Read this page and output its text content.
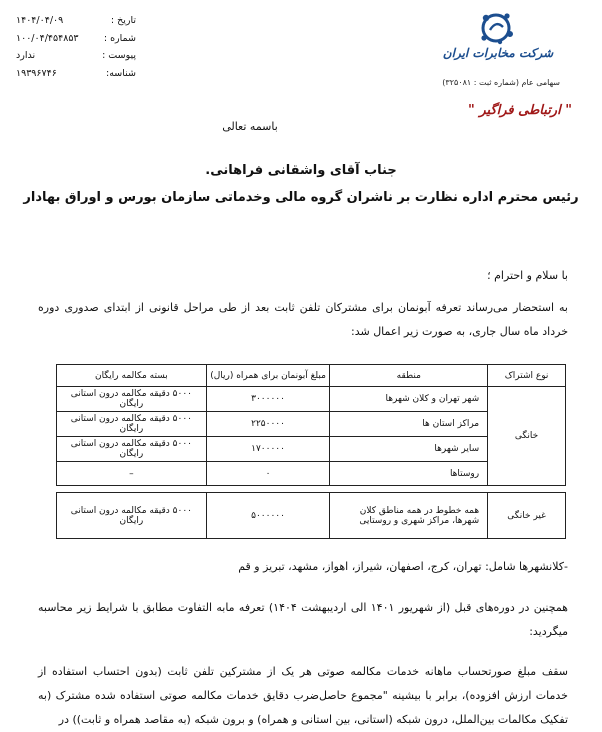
تاریخ :
۱۴۰۴/۰۴/۰۹
شماره :
۱۰۰/۰۴/۴۵۴۸۵۳
پیوست :
ندارد
شناسه:
۱۹۳۹۶۷۴۶
شرکت مخابرات ایران
سهامی عام (شماره ثبت : ۳۲۵۰۸۱)
" ارتباطی فراگیر "
باسمه تعالی
جناب آقای واشقانی فراهانی.
رئیس محترم اداره نظارت بر ناشران گروه مالی وخدماتی سازمان بورس و اوراق بهادار
با سلام و احترام ؛
به استحضار می‌رساند تعرفه آبونمان برای مشترکان تلفن ثابت بعد از طی مراحل قانونی از ابتدای صدوری دوره خرداد ماه سال جاری، به صورت زیر اعمال شد:
نوع اشتراک	منطقه	مبلغ آبونمان برای همراه (ریال)	بسته مکالمه رایگان
خانگی	شهر تهران و کلان شهرها	۳۰۰۰۰۰۰	۵۰۰۰ دقیقه مکالمه درون استانی رایگان
	مراکز استان ها	۲۲۵۰۰۰۰	۵۰۰۰ دقیقه مکالمه درون استانی رایگان
	سایر شهرها	۱۷۰۰۰۰۰	۵۰۰۰ دقیقه مکالمه درون استانی رایگان
	روستاها	۰	–

غیر خانگی	همه خطوط در همه مناطق کلان شهرها، مراکز شهری و روستایی	۵۰۰۰۰۰۰	۵۰۰۰ دقیقه مکالمه درون استانی رایگان
-کلانشهرها شامل: تهران، کرج، اصفهان، شیراز، اهواز، مشهد، تبریز و قم
همچنین در دوره‌های قبل (از شهریور ۱۴۰۱ الی اردیبهشت ۱۴۰۴) تعرفه مابه التفاوت مطابق با شرایط زیر محاسبه میگردید:
سقف مبلغ صورتحساب ماهانه خدمات مکالمه صوتی هر یک از مشترکین تلفن ثابت (بدون احتساب استفاده از خدمات ارزش افزوده)، برابر با بیشینه "مجموع حاصل‌ضرب دقایق خدمات مکالمه صوتی استفاده شده مشترک (به تفکیک مکالمات بین‌الملل، درون شبکه (استانی، بین استانی و همراه) و برون شبکه (به مقاصد همراه و ثابت)) در
